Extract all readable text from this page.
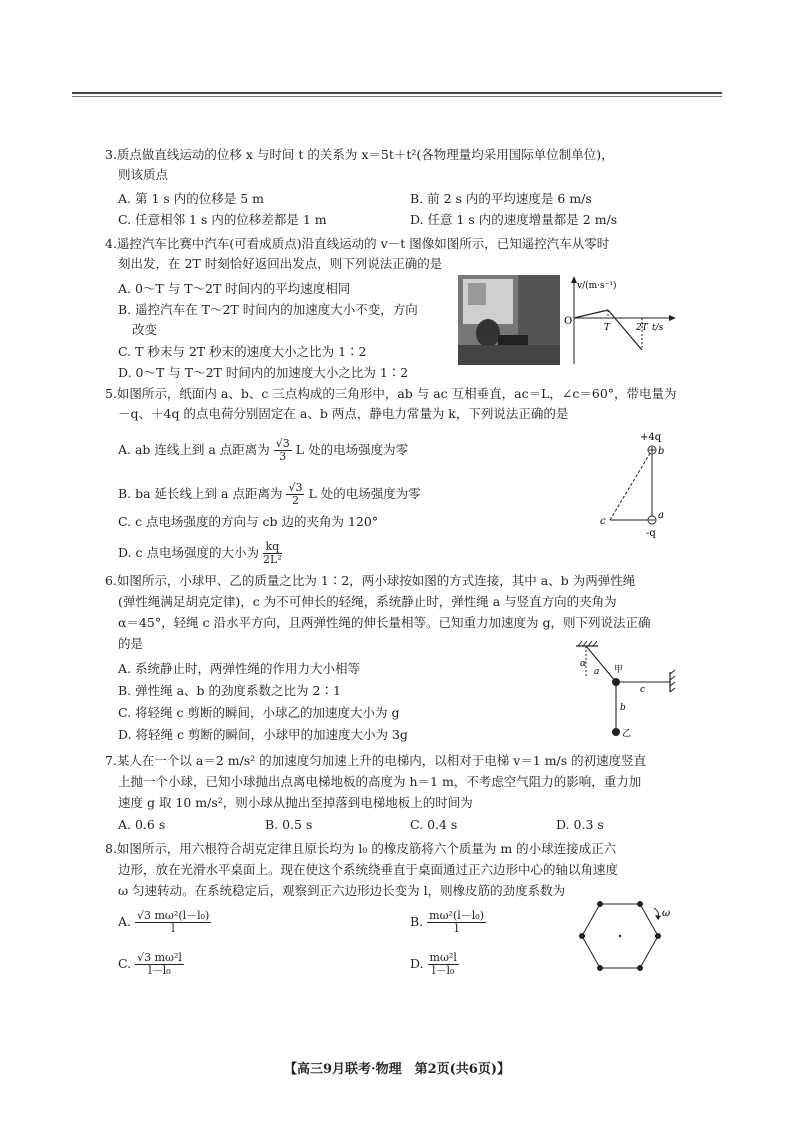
3.质点做直线运动的位移 x 与时间 t 的关系为 x＝5t＋t²(各物理量均采用国际单位制单位)，
则该质点
A. 第 1 s 内的位移是 5 m	B. 前 2 s 内的平均速度是 6 m/s
C. 任意相邻 1 s 内的位移差都是 1 m	D. 任意 1 s 内的速度增量都是 2 m/s
4.遥控汽车比赛中汽车(可看成质点)沿直线运动的 v－t 图像如图所示，已知遥控汽车从零时
刻出发，在 2T 时刻恰好返回出发点，则下列说法正确的是
A. 0～T 与 T～2T 时间内的平均速度相同
B. 遥控汽车在 T～2T 时间内的加速度大小不变，方向
改变
C. T 秒末与 2T 秒末的速度大小之比为 1∶2
D. 0～T 与 T～2T 时间内的加速度大小之比为 1∶2
v/(m·s⁻¹)
O
T	2T t/s
5.如图所示，纸面内 a、b、c 三点构成的三角形中，ab 与 ac 互相垂直，ac＝L，∠c＝60°，带电量为
－q、＋4q 的点电荷分别固定在 a、b 两点，静电力常量为 k，下列说法正确的是
A. ab 连线上到 a 点距离为 $\frac{√3}{3}$ L 处的电场强度为零
B. ba 延长线上到 a 点距离为 $\frac{√3}{2}$ L 处的电场强度为零
C. c 点电场强度的方向与 cb 边的夹角为 120°
D. c 点电场强度的大小为 $\frac{kq}{\text{2L²}}$
+4q
b
a
c
-q
6.如图所示，小球甲、乙的质量之比为 1∶2，两小球按如图的方式连接，其中 a、b 为两弹性绳
(弹性绳满足胡克定律)，c 为不可伸长的轻绳，系统静止时，弹性绳 a 与竖直方向的夹角为
α＝45°，轻绳 c 沿水平方向，且两弹性绳的伸长量相等。已知重力加速度为 g，则下列说法正确
的是
A. 系统静止时，两弹性绳的作用力大小相等
B. 弹性绳 a、b 的劲度系数之比为 2∶1
C. 将轻绳 c 剪断的瞬间，小球乙的加速度大小为 g
D. 将轻绳 c 剪断的瞬间，小球甲的加速度大小为 3g
α
a 甲
c
b
乙
7.某人在一个以 a＝2 m/s² 的加速度匀加速上升的电梯内，以相对于电梯 v＝1 m/s 的初速度竖直
上抛一个小球，已知小球抛出点离电梯地板的高度为 h＝1 m，不考虑空气阻力的影响，重力加
速度 g 取 10 m/s²，则小球从抛出至掉落到电梯地板上的时间为
A. 0.6 s	B. 0.5 s	C. 0.4 s	D. 0.3 s
8.如图所示，用六根符合胡克定律且原长均为 l₀ 的橡皮筋将六个质量为 m 的小球连接成正六
边形，放在光滑水平桌面上。现在使这个系统绕垂直于桌面通过正六边形中心的轴以角速度
ω 匀速转动。在系统稳定后，观察到正六边形边长变为 l，则橡皮筋的劲度系数为
A. $\frac{\text{√3 mω²(l－l₀)}}{l}$	B. $\frac{\text{mω²(l－l₀)}}{l}$
C. $\frac{\text{√3 mω²l}}{\text{l－l₀}}$	D. $\frac{\text{mω²l}}{\text{l－l₀}}$
ω
【高三9月联考·物理　第2页(共6页)】
